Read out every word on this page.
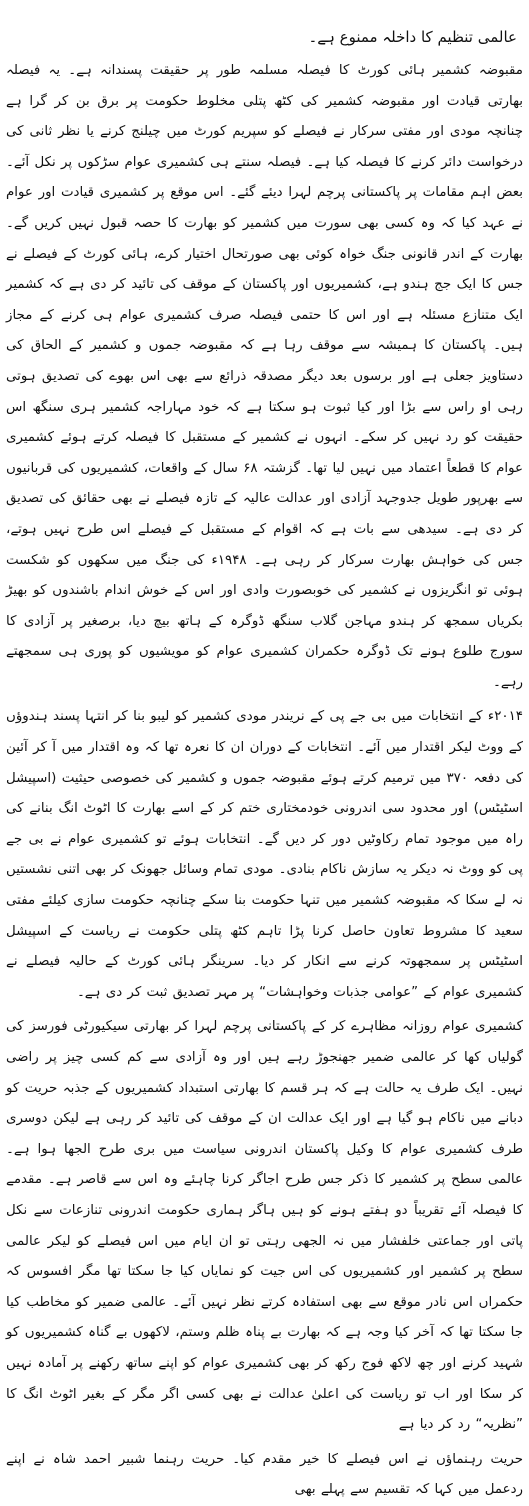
عالمی تنظیم کا داخلہ ممنوع ہے۔

مقبوضہ کشمیر ہائی کورٹ کا فیصلہ مسلمہ طور پر حقیقت پسندانہ ہے۔ یہ فیصلہ بھارتی قیادت اور مقبوضہ کشمیر کی کٹھ پتلی مخلوط حکومت پر برق بن کر گرا ہے چنانچہ مودی اور مفتی سرکار نے فیصلے کو سپریم کورٹ میں چیلنج کرنے یا نظر ثانی کی درخواست دائر کرنے کا فیصلہ کیا ہے۔ فیصلہ سنتے ہی کشمیری عوام سڑکوں پر نکل آئے۔ بعض اہم مقامات پر پاکستانی پرچم لہرا دیئے گئے۔ اس موقع پر کشمیری قیادت اور عوام نے عہد کیا کہ وہ کسی بھی سورت میں کشمیر کو بھارت کا حصہ قبول نہیں کریں گے۔ بھارت کے اندر قانونی جنگ خواہ کوئی بھی صورتحال اختیار کرے، ہائی کورٹ کے فیصلے نے جس کا ایک جج ہندو ہے، کشمیریوں اور پاکستان کے موقف کی تائید کر دی ہے کہ کشمیر ایک متنازع مسئلہ ہے اور اس کا حتمی فیصلہ صرف کشمیری عوام ہی کرنے کے مجاز ہیں۔ پاکستان کا ہمیشہ سے موقف رہا ہے کہ مقبوضہ جموں و کشمیر کے الحاق کی دستاویز جعلی ہے اور برسوں بعد دیگر مصدقہ ذرائع سے بھی اس بھوے کی تصدیق ہوتی رہی او راس سے بڑا اور کیا ثبوت ہو سکتا ہے کہ خود مہاراجہ کشمیر ہری سنگھ اس حقیقت کو رد نہیں کر سکے۔ انہوں نے کشمیر کے مستقبل کا فیصلہ کرتے ہوئے کشمیری عوام کا قطعاً اعتماد میں نہیں لیا تھا۔ گزشتہ ۶۸ سال کے واقعات، کشمیریوں کی قربانیوں سے بھرپور طویل جدوجہد آزادی اور عدالت عالیہ کے تازہ فیصلے نے بھی حقائق کی تصدیق کر دی ہے۔ سیدھی سے بات ہے کہ اقوام کے مستقبل کے فیصلے اس طرح نہیں ہوتے، جس کی خواہش بھارت سرکار کر رہی ہے۔ ۱۹۴۸ء کی جنگ میں سکھوں کو شکست ہوئی تو انگریزوں نے کشمیر کی خوبصورت وادی اور اس کے خوش اندام باشندوں کو بھیڑ بکریاں سمجھ کر ہندو مہاجن گلاب سنگھ ڈوگرہ کے ہاتھ بیچ دیا، برصغیر پر آزادی کا سورج طلوع ہونے تک ڈوگرہ حکمران کشمیری عوام کو مویشیوں کو پوری ہی سمجھتے رہے۔

۲۰۱۴ء کے انتخابات میں بی جے پی کے نریندر مودی کشمیر کو لیبو بنا کر انتہا پسند ہندوؤں کے ووٹ لیکر اقتدار میں آئے۔ انتخابات کے دوران ان کا نعرہ تھا کہ وہ اقتدار میں آ کر آئین کی دفعہ ۳۷۰ میں ترمیم کرتے ہوئے مقبوضہ جموں و کشمیر کی خصوصی حیثیت (اسپیشل اسٹیٹس) اور محدود سی اندرونی خودمختاری ختم کر کے اسے بھارت کا اٹوٹ انگ بنانے کی راہ میں موجود تمام رکاوٹیں دور کر دیں گے۔ انتخابات ہوئے تو کشمیری عوام نے بی جے پی کو ووٹ نہ دیکر یہ سازش ناکام بنادی۔ مودی تمام وسائل جھونک کر بھی اتنی نشستیں نہ لے سکا کہ مقبوضہ کشمیر میں تنہا حکومت بنا سکے چنانچہ حکومت سازی کیلئے مفتی سعید کا مشروط تعاون حاصل کرنا پڑا تاہم کٹھ پتلی حکومت نے ریاست کے اسپیشل اسٹیٹس پر سمجھوتہ کرنے سے انکار کر دیا۔ سرینگر ہائی کورٹ کے حالیہ فیصلے نے کشمیری عوام کے ”عوامی جذبات وخواہشات“ پر مہر تصدیق ثبت کر دی ہے۔

کشمیری عوام روزانہ مظاہرے کر کے پاکستانی پرچم لہرا کر بھارتی سیکیورٹی فورسز کی گولیاں کھا کر عالمی ضمیر جھنجوڑ رہے ہیں اور وہ آزادی سے کم کسی چیز پر راضی نہیں۔ ایک طرف یہ حالت ہے کہ ہر قسم کا بھارتی استبداد کشمیریوں کے جذبہ حریت کو دبانے میں ناکام ہو گیا ہے اور ایک عدالت ان کے موقف کی تائید کر رہی ہے لیکن دوسری طرف کشمیری عوام کا وکیل پاکستان اندرونی سیاست میں بری طرح الجھا ہوا ہے۔ عالمی سطح پر کشمیر کا ذکر جس طرح اجاگر کرنا چاہئے وہ اس سے قاصر ہے۔ مقدمے کا فیصلہ آئے تقریباً دو ہفتے ہونے کو ہیں ہاگر ہماری حکومت اندرونی تنازعات سے نکل پاتی اور جماعتی خلفشار میں نہ الجھی رہتی تو ان ایام میں اس فیصلے کو لیکر عالمی سطح پر کشمیر اور کشمیریوں کی اس جیت کو نمایاں کیا جا سکتا تھا مگر افسوس کہ حکمراں اس نادر موقع سے بھی استفادہ کرتے نظر نہیں آئے۔ عالمی ضمیر کو مخاطب کیا جا سکتا تھا کہ آخر کیا وجہ ہے کہ بھارت بے پناہ ظلم وستم، لاکھوں بے گناہ کشمیریوں کو شہید کرنے اور چھ لاکھ فوج رکھ کر بھی کشمیری عوام کو اپنے ساتھ رکھنے پر آمادہ نہیں کر سکا اور اب تو ریاست کی اعلیٰ عدالت نے بھی کسی اگر مگر کے بغیر اٹوٹ انگ کا ”نظریہ“ رد کر دیا ہے

حریت رہنماؤں نے اس فیصلے کا خیر مقدم کیا۔ حریت رہنما شبیر احمد شاہ نے اپنے ردعمل میں کہا کہ تقسیم سے پہلے بھی
